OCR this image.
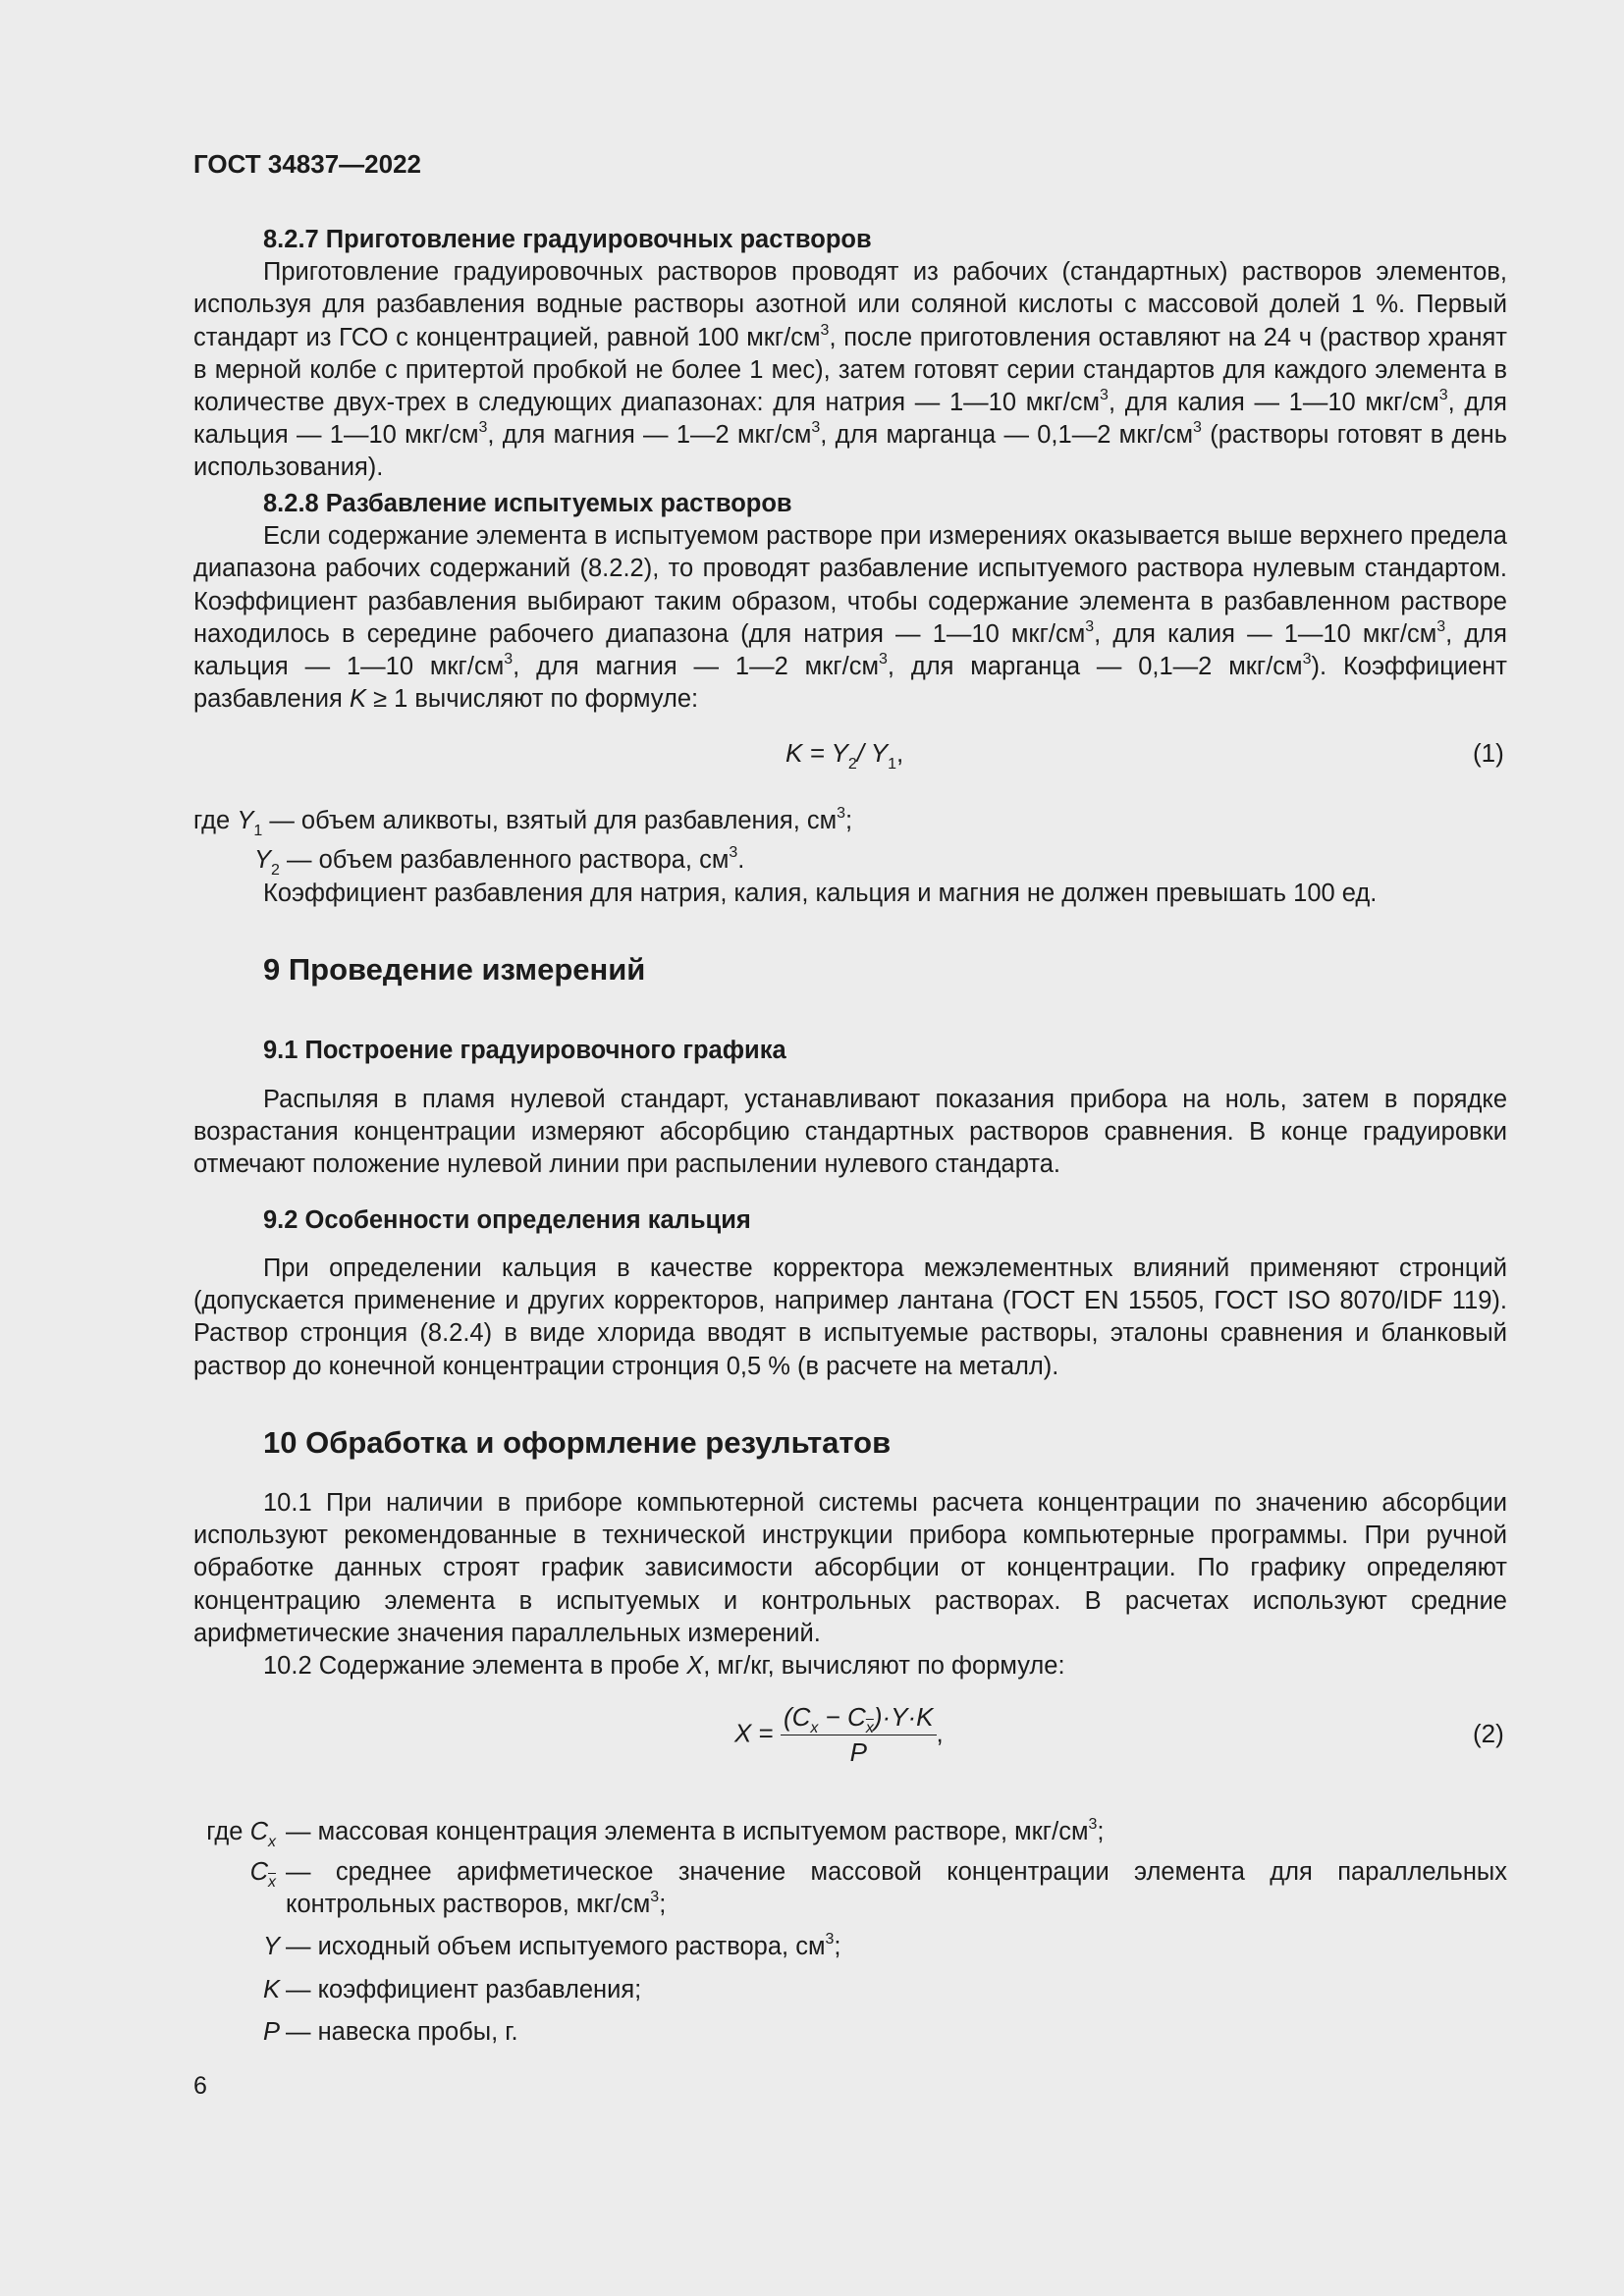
ГОСТ 34837—2022

8.2.7 Приготовление градуировочных растворов

Приготовление градуировочных растворов проводят из рабочих (стандартных) растворов элементов, используя для разбавления водные растворы азотной или соляной кислоты с массовой долей 1 %. Первый стандарт из ГСО с концентрацией, равной 100 мкг/$см^3$, после приготовления оставляют на 24 ч (раствор хранят в мерной колбе с притертой пробкой не более 1 мес), затем готовят серии стандартов для каждого элемента в количестве двух-трех в следующих диапазонах: для натрия — 1—10 мкг/$см^3$, для калия — 1—10 мкг/$см^3$, для кальция — 1—10 мкг/$см^3$, для магния — 1—2 мкг/$см^3$, для марганца — 0,1—2 мкг/$см^3$ (растворы готовят в день использования).

8.2.8 Разбавление испытуемых растворов

Если содержание элемента в испытуемом растворе при измерениях оказывается выше верхнего предела диапазона рабочих содержаний (8.2.2), то проводят разбавление испытуемого раствора нулевым стандартом. Коэффициент разбавления выбирают таким образом, чтобы содержание элемента в разбавленном растворе находилось в середине рабочего диапазона (для натрия — 1—10 мкг/$см^3$, для калия — 1—10 мкг/$см^3$, для кальция — 1—10 мкг/$см^3$, для магния — 1—2 мкг/$см^3$, для марганца — 0,1—2 мкг/$см^3$). Коэффициент разбавления K ≥ 1 вычисляют по формуле:

$K = Y_2/$ $Y_1$,	(1)
где $Y_1$ — объем аликвоты, взятый для разбавления, $см^3$;
$Y_2$ — объем разбавленного раствора, $см^3$.
Коэффициент разбавления для натрия, калия, кальция и магния не должен превышать 100 ед.
9 Проведение измерений

9.1 Построение градуировочного графика

Распыляя в пламя нулевой стандарт, устанавливают показания прибора на ноль, затем в порядке возрастания концентрации измеряют абсорбцию стандартных растворов сравнения. В конце градуировки отмечают положение нулевой линии при распылении нулевого стандарта.

9.2 Особенности определения кальция

При определении кальция в качестве корректора межэлементных влияний применяют стронций (допускается применение и других корректоров, например лантана (ГОСТ EN 15505, ГОСТ ISO 8070/IDF 119). Раствор стронция (8.2.4) в виде хлорида вводят в испытуемые растворы, эталоны сравнения и бланковый раствор до конечной концентрации стронция 0,5 % (в расчете на металл).

10 Обработка и оформление результатов

10.1 При наличии в приборе компьютерной системы расчета концентрации по значению абсорбции используют рекомендованные в технической инструкции прибора компьютерные программы. При ручной обработке данных строят график зависимости абсорбции от концентрации. По графику определяют концентрацию элемента в испытуемых и контрольных растворах. В расчетах используют средние арифметические значения параллельных измерений.

10.2 Содержание элемента в пробе X, мг/кг, вычисляют по формуле:

$X = \frac{(C_x - C_{\overline{x}})\cdot Y\cdot K}{P}$ ,	(2)
где $C_x$ — массовая концентрация элемента в испытуемом растворе, мкг/$см^3$;
$C_{\overline{x}}$ — среднее арифметическое значение массовой концентрации элемента для параллельных контрольных растворов, мкг/$см^3$;
Y — исходный объем испытуемого раствора, $см^3$;
K — коэффициент разбавления;
P — навеска пробы, г.
6
